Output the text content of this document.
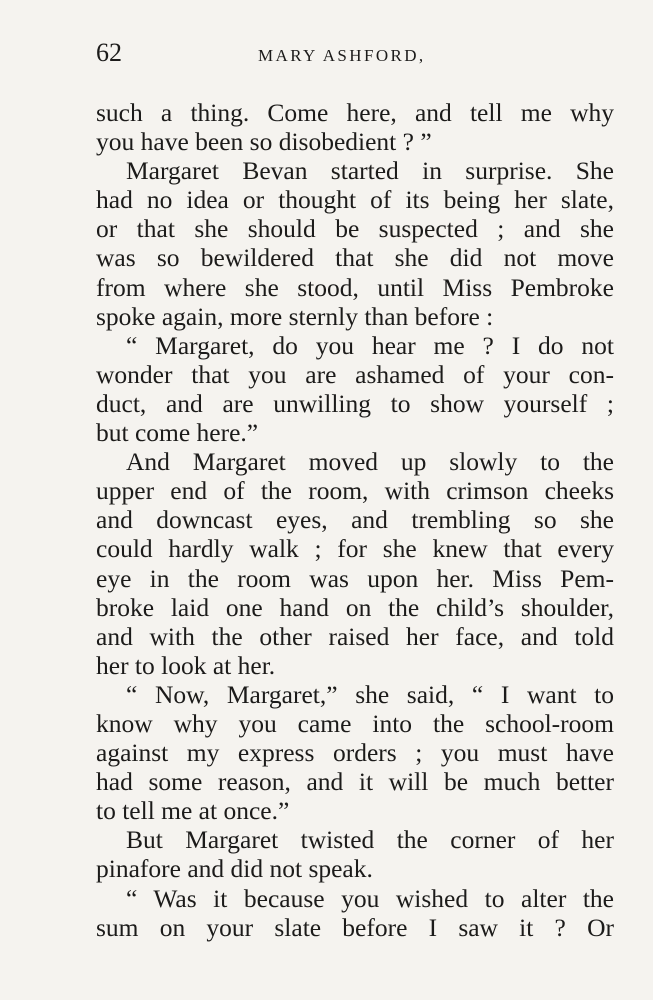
62	MARY ASHFORD,
such a thing. Come here, and tell me why
you have been so disobedient ? ”
Margaret Bevan started in surprise. She
had no idea or thought of its being her slate,
or that she should be suspected ; and she
was so bewildered that she did not move
from where she stood, until Miss Pembroke
spoke again, more sternly than before :
“ Margaret, do you hear me ? I do not
wonder that you are ashamed of your con-
duct, and are unwilling to show yourself ;
but come here.”
And Margaret moved up slowly to the
upper end of the room, with crimson cheeks
and downcast eyes, and trembling so she
could hardly walk ; for she knew that every
eye in the room was upon her. Miss Pem-
broke laid one hand on the child’s shoulder,
and with the other raised her face, and told
her to look at her.
“ Now, Margaret,” she said, “ I want to
know why you came into the school-room
against my express orders ; you must have
had some reason, and it will be much better
to tell me at once.”
But Margaret twisted the corner of her
pinafore and did not speak.
“ Was it because you wished to alter the
sum on your slate before I saw it ? Or
